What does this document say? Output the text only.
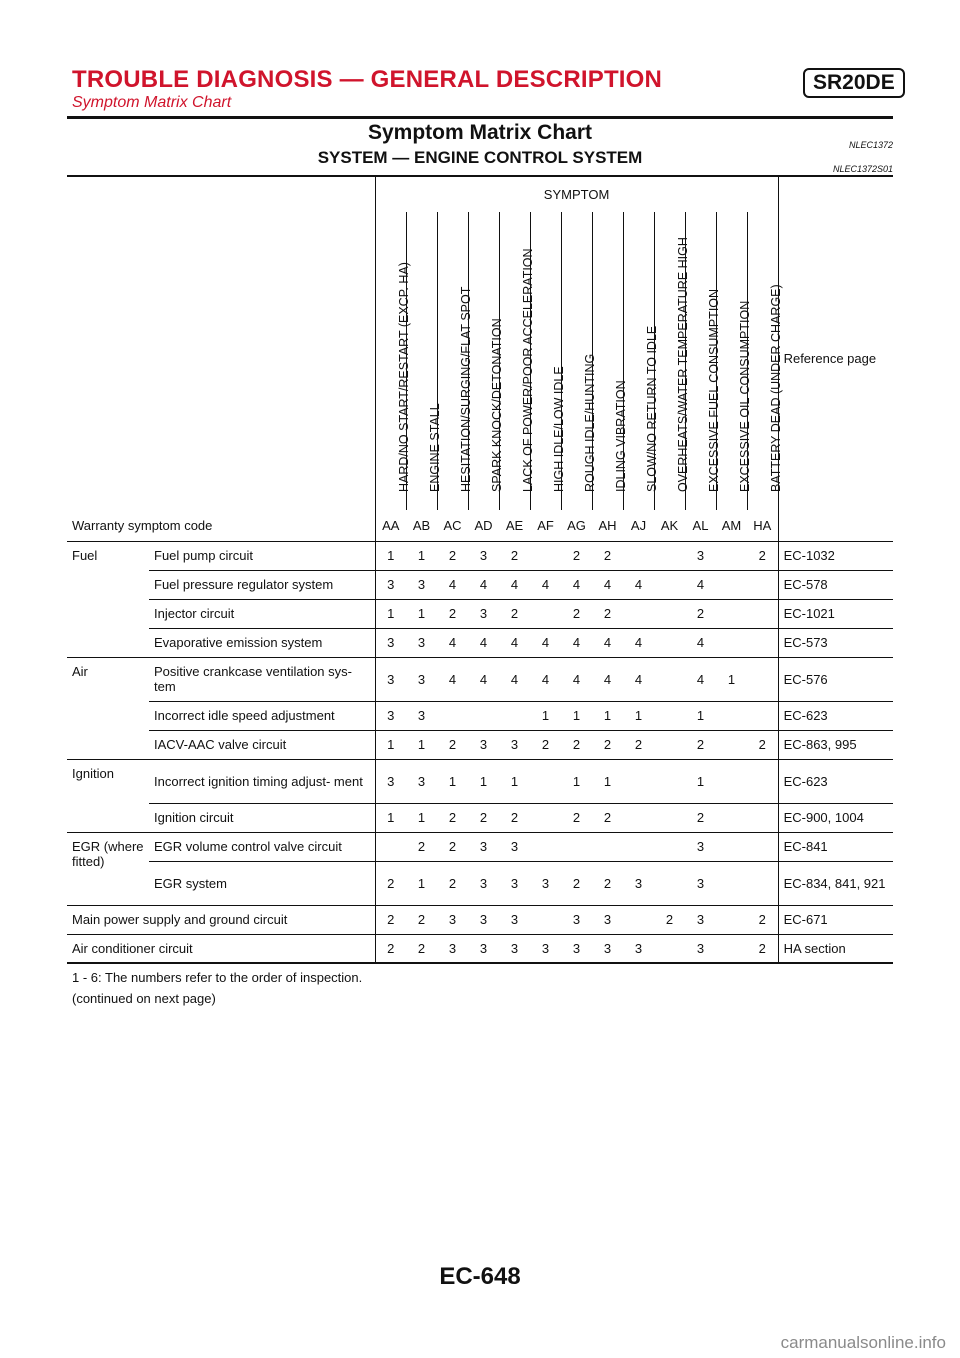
TROUBLE DIAGNOSIS — GENERAL DESCRIPTION	SR20DE
Symptom Matrix Chart
Symptom Matrix Chart
NLEC1372
SYSTEM — ENGINE CONTROL SYSTEM
NLEC1372S01
		SYMPTOM													Reference page

		HARD/NO START/RESTART (EXCP. HA)	ENGINE STALL	HESITATION/SURGING/FLAT SPOT	SPARK KNOCK/DETONATION	LACK OF POWER/POOR ACCELERATION	HIGH IDLE/LOW IDLE	ROUGH IDLE/HUNTING	IDLING VIBRATION	SLOW/NO RETURN TO IDLE	OVERHEATS/WATER TEMPERATURE HIGH	EXCESSIVE FUEL CONSUMPTION	EXCESSIVE OIL CONSUMPTION	BATTERY DEAD (UNDER CHARGE)	

Warranty symptom code		AA	AB	AC	AD	AE	AF	AG	AH	AJ	AK	AL	AM	HA	
Fuel	Fuel pump circuit	1	1	2	3	2		2	2			3		2	EC-1032
	Fuel pressure regulator system	3	3	4	4	4	4	4	4	4		4			EC-578
	Injector circuit	1	1	2	3	2		2	2			2			EC-1021
	Evaporative emission system	3	3	4	4	4	4	4	4	4		4			EC-573
Air	Positive crankcase ventilation sys- tem	3	3	4	4	4	4	4	4	4		4	1		EC-576
	Incorrect idle speed adjustment	3	3				1	1	1	1		1			EC-623
	IACV-AAC valve circuit	1	1	2	3	3	2	2	2	2		2		2	EC-863, 995
Ignition	Incorrect ignition timing adjust- ment	3	3	1	1	1		1	1			1			EC-623
	Ignition circuit	1	1	2	2	2		2	2			2			EC-900, 1004
EGR (where fitted)	EGR volume control valve circuit		2	2	3	3						3			EC-841
	EGR system	2	1	2	3	3	3	2	2	3		3			EC-834, 841, 921
Main power supply and ground circuit		2	2	3	3	3		3	3		2	3		2	EC-671
Air conditioner circuit		2	2	3	3	3	3	3	3	3		3		2	HA section
1 - 6: The numbers refer to the order of inspection.
(continued on next page)
EC-648
carmanualsonline.info
